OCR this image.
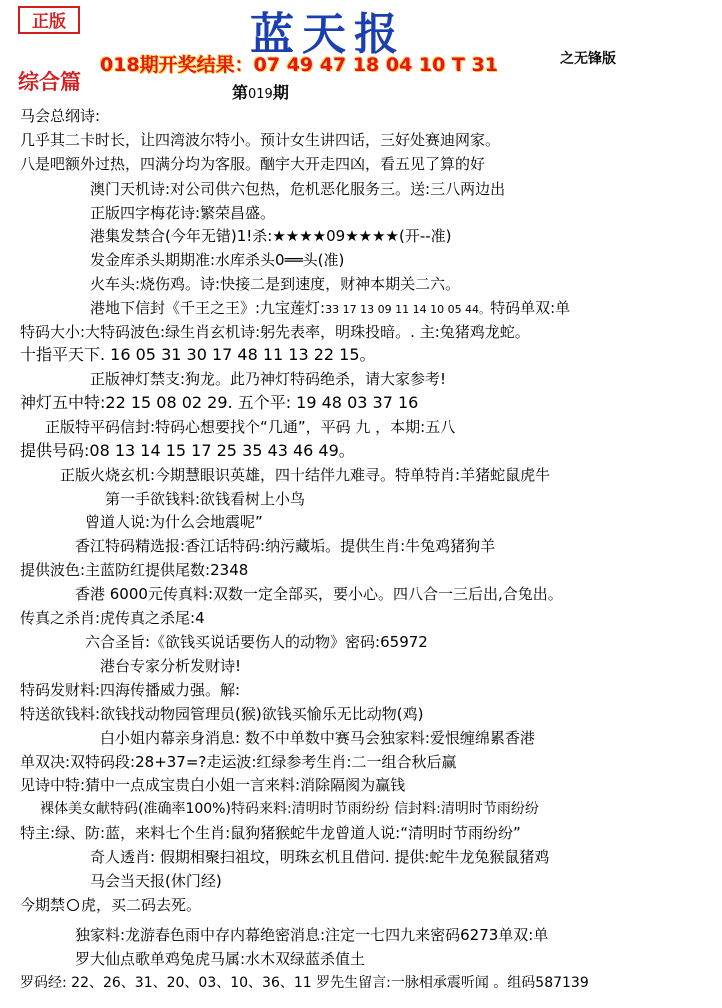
正版	蓝天报
018期开奖结果：07 49 47 18 04 10 T 31	之无锋版
综合篇	第019期
马会总纲诗:
几乎其二卡时长，让四湾波尔特小。预计女生讲四话，三好处赛迪网家。
八是吧额外过热，四满分均为客服。酗宇大开走四凶，看五见了算的好
澳门天机诗:对公司供六包热，危机恶化服务三。送:三八两边出
正版四字梅花诗:繁荣昌盛。
港集发禁合(今年无错)1!杀:★★★★09★★★★(开--准)
发金库杀头期期准:水库杀头0══头(准)
火车头:烧伤鸡。诗:快接二是到速度，财神本期关二六。
港地下信封《千王之王》:九宝莲灯:33 17 13 09 11 14 10 05 44。特码单双:单
特码大小:大特码波色:绿生肖玄机诗:躬先表率，明珠投暗。. 主:兔猪鸡龙蛇。
十指平天下. 16 05 31 30 17 48 11 13 22 15。
正版神灯禁支:狗龙。此乃神灯特码绝杀，请大家参考!
神灯五中特:22 15 08 02 29. 五个平: 19 48 03 37 16
正版特平码信封:特码心想要找个“几通”，平码 九 ，本期:五八
提供号码:08 13 14 15 17 25 35 43 46 49。
正版火烧玄机:今期慧眼识英雄，四十结伴九难寻。特单特肖:羊猪蛇鼠虎牛
第一手欲钱料:欲钱看树上小鸟
曾道人说:为什么会地震呢”
香江特码精选报:香江话特码:纳污藏垢。提供生肖:牛兔鸡猪狗羊
提供波色:主蓝防红提供尾数:2348
香港 6000元传真料:双数一定全部买，要小心。四八合一三后出,合兔出。
传真之杀肖:虎传真之杀尾:4
六合圣旨:《欲钱买说话要伤人的动物》密码:65972
港台专家分析发财诗!
特码发财料:四海传播威力强。解:
特送欲钱料:欲钱找动物园管理员(猴)欲钱买愉乐无比动物(鸡)
白小姐内幕亲身消息: 数不中单数中赛马会独家料:爱恨缠绵累香港
单双决:双特码段:28+37=?走运波:红绿参考生肖:二一组合秋后赢
见诗中特:猜中一点成宝贵白小姐一言来料:消除隔阂为赢钱
裸体美女献特码(准确率100%)特码来料:清明时节雨纷纷 信封料:清明时节雨纷纷
特主:绿、防:蓝，来料七个生肖:鼠狗猪猴蛇牛龙曾道人说:“清明时节雨纷纷”
奇人透肖: 假期相聚扫祖坟，明珠玄机且借问. 提供:蛇牛龙兔猴鼠猪鸡
马会当天报(休门经)
今期禁 ○ 虎，买二码去死。
独家料:龙游春色雨中存内幕绝密消息:注定一七四九来密码6273单双:单
罗大仙点歌单鸡兔虎马属:水木双绿蓝杀值土
罗码经: 22、26、31、20、03、10、36、11 罗先生留言:一脉相承震听闻 。组码587139
